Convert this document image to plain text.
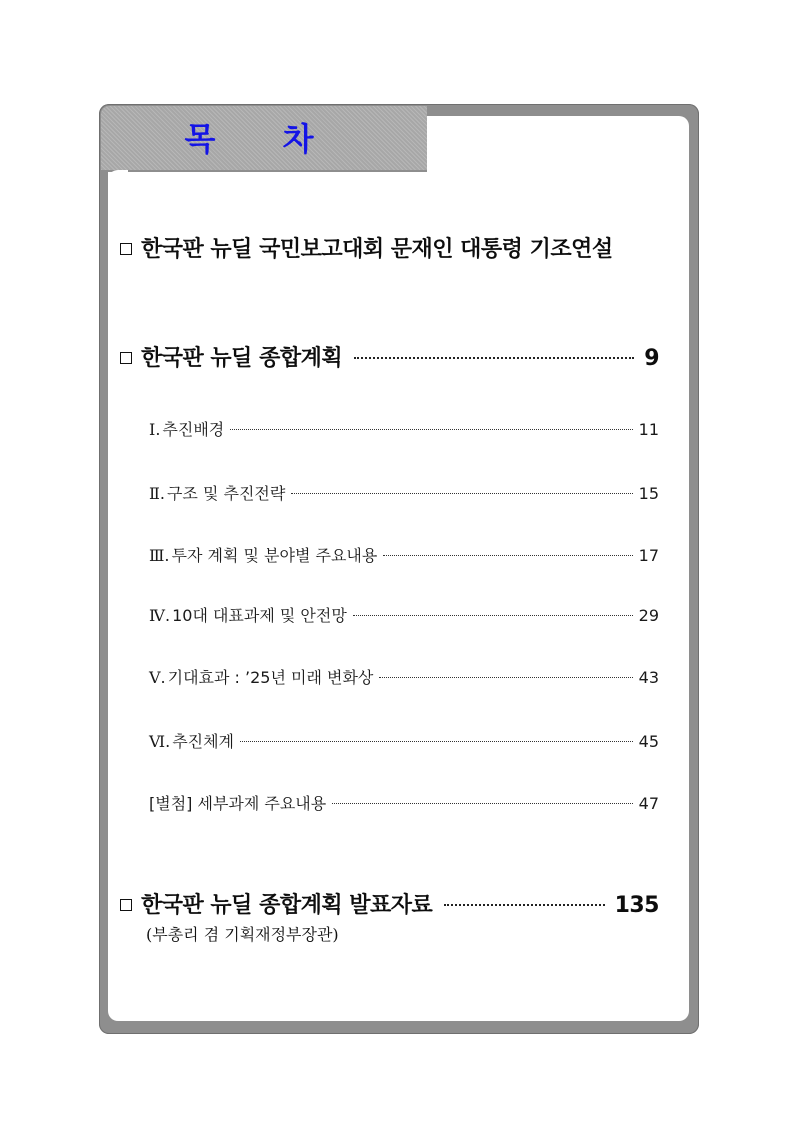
목 차
한국판 뉴딜 국민보고대회 문재인 대통령 기조연설
한국판 뉴딜 종합계획	9
Ⅰ. 추진배경	11
Ⅱ. 구조 및 추진전략	15
Ⅲ. 투자 계획 및 분야별 주요내용	17
Ⅳ. 10대 대표과제 및 안전망	29
Ⅴ. 기대효과 : ’25년 미래 변화상	43
Ⅵ. 추진체계	45
[별첨] 세부과제 주요내용	47
한국판 뉴딜 종합계획 발표자료	135
(부총리 겸 기획재정부장관)
